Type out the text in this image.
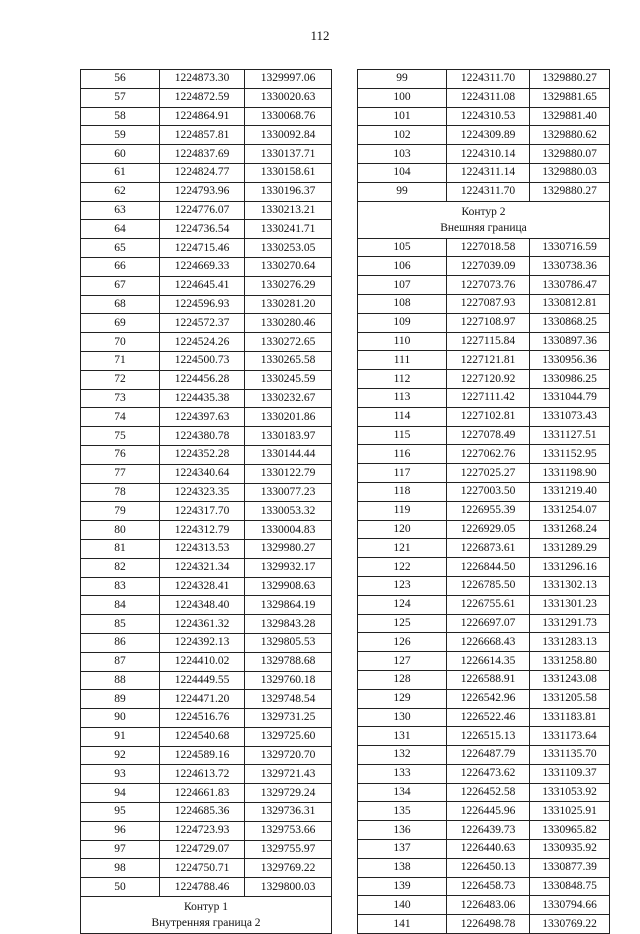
112
56	1224873.30	1329997.06
57	1224872.59	1330020.63
58	1224864.91	1330068.76
59	1224857.81	1330092.84
60	1224837.69	1330137.71
61	1224824.77	1330158.61
62	1224793.96	1330196.37
63	1224776.07	1330213.21
64	1224736.54	1330241.71
65	1224715.46	1330253.05
66	1224669.33	1330270.64
67	1224645.41	1330276.29
68	1224596.93	1330281.20
69	1224572.37	1330280.46
70	1224524.26	1330272.65
71	1224500.73	1330265.58
72	1224456.28	1330245.59
73	1224435.38	1330232.67
74	1224397.63	1330201.86
75	1224380.78	1330183.97
76	1224352.28	1330144.44
77	1224340.64	1330122.79
78	1224323.35	1330077.23
79	1224317.70	1330053.32
80	1224312.79	1330004.83
81	1224313.53	1329980.27
82	1224321.34	1329932.17
83	1224328.41	1329908.63
84	1224348.40	1329864.19
85	1224361.32	1329843.28
86	1224392.13	1329805.53
87	1224410.02	1329788.68
88	1224449.55	1329760.18
89	1224471.20	1329748.54
90	1224516.76	1329731.25
91	1224540.68	1329725.60
92	1224589.16	1329720.70
93	1224613.72	1329721.43
94	1224661.83	1329729.24
95	1224685.36	1329736.31
96	1224723.93	1329753.66
97	1224729.07	1329755.97
98	1224750.71	1329769.22
50	1224788.46	1329800.03

Контур 1
Внутренняя граница 2		
99	1224311.70	1329880.27
100	1224311.08	1329881.65
101	1224310.53	1329881.40
102	1224309.89	1329880.62
103	1224310.14	1329880.07
104	1224311.14	1329880.03
99	1224311.70	1329880.27

Контур 2
Внешняя граница		

105	1227018.58	1330716.59
106	1227039.09	1330738.36
107	1227073.76	1330786.47
108	1227087.93	1330812.81
109	1227108.97	1330868.25
110	1227115.84	1330897.36
111	1227121.81	1330956.36
112	1227120.92	1330986.25
113	1227111.42	1331044.79
114	1227102.81	1331073.43
115	1227078.49	1331127.51
116	1227062.76	1331152.95
117	1227025.27	1331198.90
118	1227003.50	1331219.40
119	1226955.39	1331254.07
120	1226929.05	1331268.24
121	1226873.61	1331289.29
122	1226844.50	1331296.16
123	1226785.50	1331302.13
124	1226755.61	1331301.23
125	1226697.07	1331291.73
126	1226668.43	1331283.13
127	1226614.35	1331258.80
128	1226588.91	1331243.08
129	1226542.96	1331205.58
130	1226522.46	1331183.81
131	1226515.13	1331173.64
132	1226487.79	1331135.70
133	1226473.62	1331109.37
134	1226452.58	1331053.92
135	1226445.96	1331025.91
136	1226439.73	1330965.82
137	1226440.63	1330935.92
138	1226450.13	1330877.39
139	1226458.73	1330848.75
140	1226483.06	1330794.66
141	1226498.78	1330769.22
